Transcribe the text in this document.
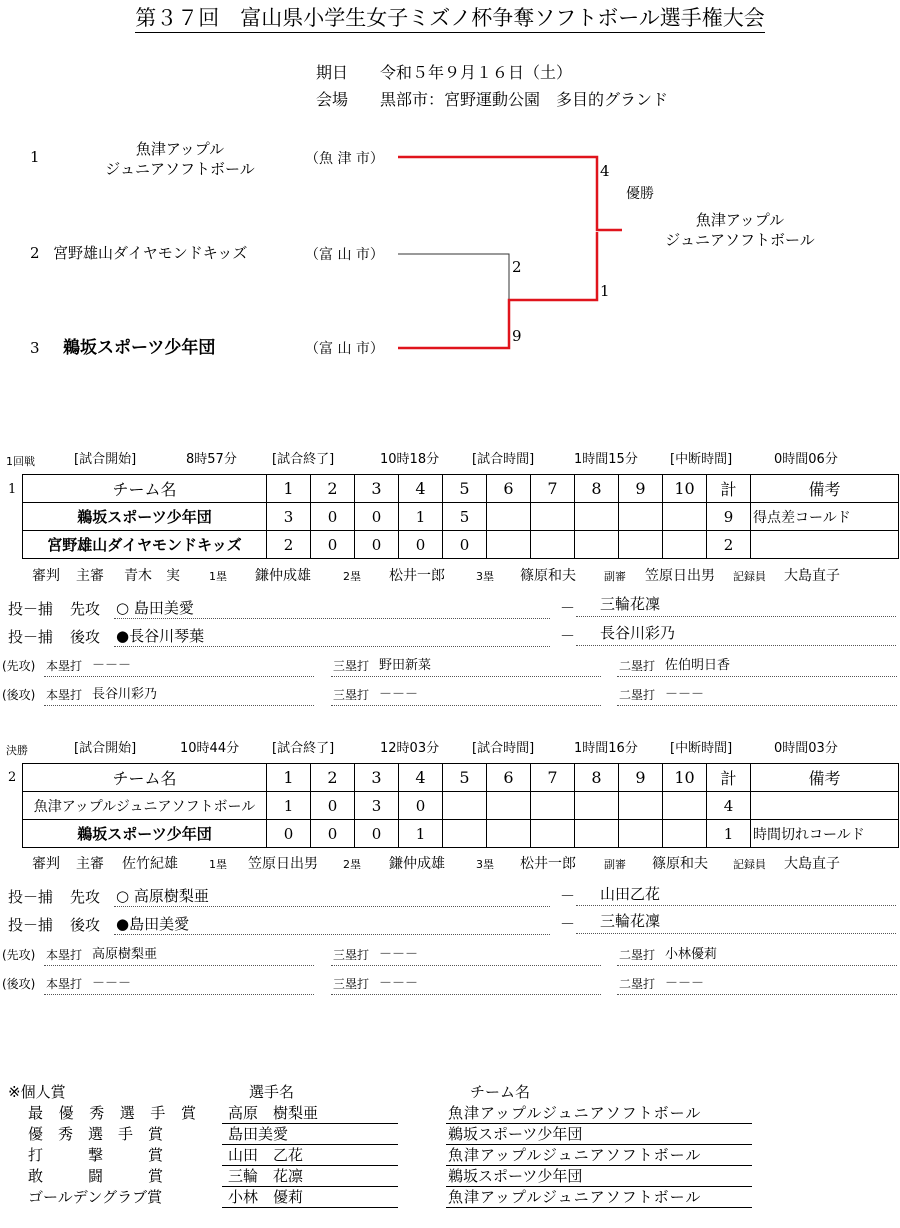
第３７回　富山県小学生女子ミズノ杯争奪ソフトボール選手権大会
期日 令和５年９月１６日（土）
会場 黒部市：宮野運動公園　多目的グランド
1	魚津アップル
ジュニアソフトボール
（魚 津 市）
2 宮野雄山ダイヤモンドキッズ	（富 山 市）
3 鵜坂スポーツ少年団	（富 山 市）
4
1
2
9
優勝
魚津アップル
ジュニアソフトボール
1回戦	[試合開始]	8時57分	[試合終了]	10時18分	[試合時間]	1時間15分 [中断時間]	0時間06分
1	チーム名	1	2	3	4	5	6	7	8	9	10	計	備考
鵜坂スポーツ少年団	3	0	0	1	5						9	得点差コールド
宮野雄山ダイヤモンドキッズ	2	0	0	0	0						2	
審判 主審 青木　実	1塁 鎌仲成雄	2塁 松井一郎	3塁 篠原和夫	副審 笠原日出男 記録員 大島直子
投－捕 先攻 ○ 島田美愛	－ 三輪花凜
投－捕 後攻 ●長谷川琴葉	－ 長谷川彩乃
(先攻) 本塁打 －－－	三塁打 野田新菜	二塁打 佐伯明日香
(後攻) 本塁打 長谷川彩乃	三塁打 －－－	二塁打 －－－
決勝	[試合開始]	10時44分	[試合終了]	12時03分	[試合時間]	1時間16分 [中断時間]	0時間03分
2	チーム名	1	2	3	4	5	6	7	8	9	10	計	備考
魚津アップルジュニアソフトボール	1	0	3	0							4	
鵜坂スポーツ少年団	0	0	0	1							1	時間切れコールド
審判 主審 佐竹紀雄	1塁 笠原日出男 2塁 鎌仲成雄	3塁 松井一郎	副審 篠原和夫 記録員 大島直子
投－捕 先攻 ○ 高原樹梨亜	－ 山田乙花
投－捕 後攻 ●島田美愛	－ 三輪花凜
(先攻) 本塁打 高原樹梨亜	三塁打 －－－	二塁打 小林優莉
(後攻) 本塁打 －－－	三塁打 －－－	二塁打 －－－
※個人賞	選手名	チーム名
最 優 秀 選 手 賞 高原　樹梨亜	魚津アップルジュニアソフトボール
優　秀　選　手　賞	島田美愛	鵜坂スポーツ少年団
打　　　撃　　　賞	山田　乙花	魚津アップルジュニアソフトボール
敢　　　闘　　　賞	三輪　花凛	鵜坂スポーツ少年団
ゴールデングラブ賞	小林　優莉	魚津アップルジュニアソフトボール
